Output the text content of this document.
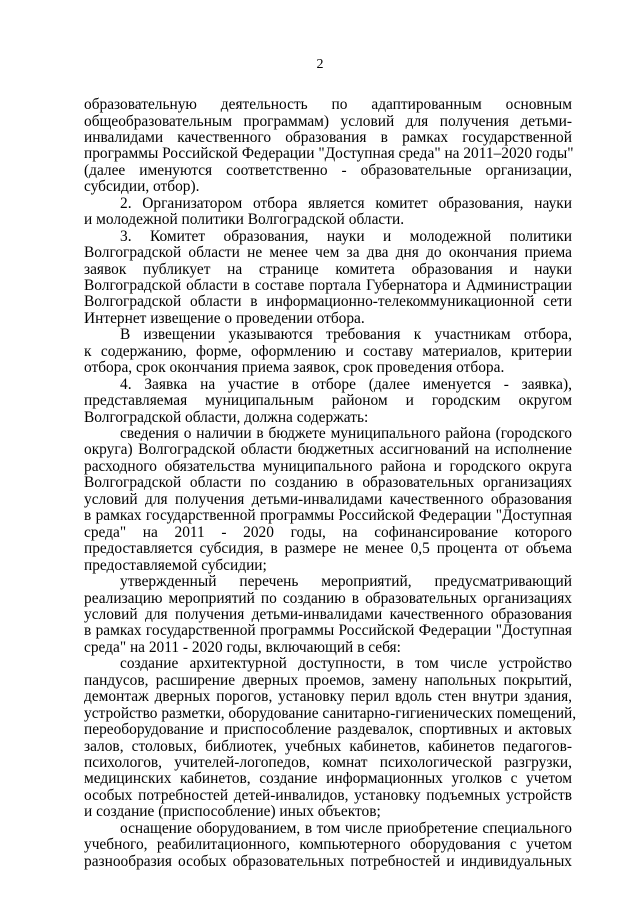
2
образовательную деятельность по адаптированным основным
общеобразовательным программам) условий для получения детьми-
инвалидами качественного образования в рамках государственной
программы Российской Федерации "Доступная среда" на 2011–2020 годы"
(далее именуются соответственно - образовательные организации,
субсидии, отбор).
2. Организатором отбора является комитет образования, науки
и молодежной политики Волгоградской области.
3. Комитет образования, науки и молодежной политики
Волгоградской области не менее чем за два дня до окончания приема
заявок публикует на странице комитета образования и науки
Волгоградской области в составе портала Губернатора и Администрации
Волгоградской области в информационно-телекоммуникационной сети
Интернет извещение о проведении отбора.
В извещении указываются требования к участникам отбора,
к содержанию, форме, оформлению и составу материалов, критерии
отбора, срок окончания приема заявок, срок проведения отбора.
4. Заявка на участие в отборе (далее именуется - заявка),
представляемая муниципальным районом и городским округом
Волгоградской области, должна содержать:
сведения о наличии в бюджете муниципального района (городского
округа) Волгоградской области бюджетных ассигнований на исполнение
расходного обязательства муниципального района и городского округа
Волгоградской области по созданию в образовательных организациях
условий для получения детьми-инвалидами качественного образования
в рамках государственной программы Российской Федерации "Доступная
среда" на 2011 - 2020 годы, на софинансирование которого
предоставляется субсидия, в размере не менее 0,5 процента от объема
предоставляемой субсидии;
утвержденный перечень мероприятий, предусматривающий
реализацию мероприятий по созданию в образовательных организациях
условий для получения детьми-инвалидами качественного образования
в рамках государственной программы Российской Федерации "Доступная
среда" на 2011 - 2020 годы, включающий в себя:
создание архитектурной доступности, в том числе устройство
пандусов, расширение дверных проемов, замену напольных покрытий,
демонтаж дверных порогов, установку перил вдоль стен внутри здания,
устройство разметки, оборудование санитарно-гигиенических помещений,
переоборудование и приспособление раздевалок, спортивных и актовых
залов, столовых, библиотек, учебных кабинетов, кабинетов педагогов-
психологов, учителей-логопедов, комнат психологической разгрузки,
медицинских кабинетов, создание информационных уголков с учетом
особых потребностей детей-инвалидов, установку подъемных устройств
и создание (приспособление) иных объектов;
оснащение оборудованием, в том числе приобретение специального
учебного, реабилитационного, компьютерного оборудования с учетом
разнообразия особых образовательных потребностей и индивидуальных
